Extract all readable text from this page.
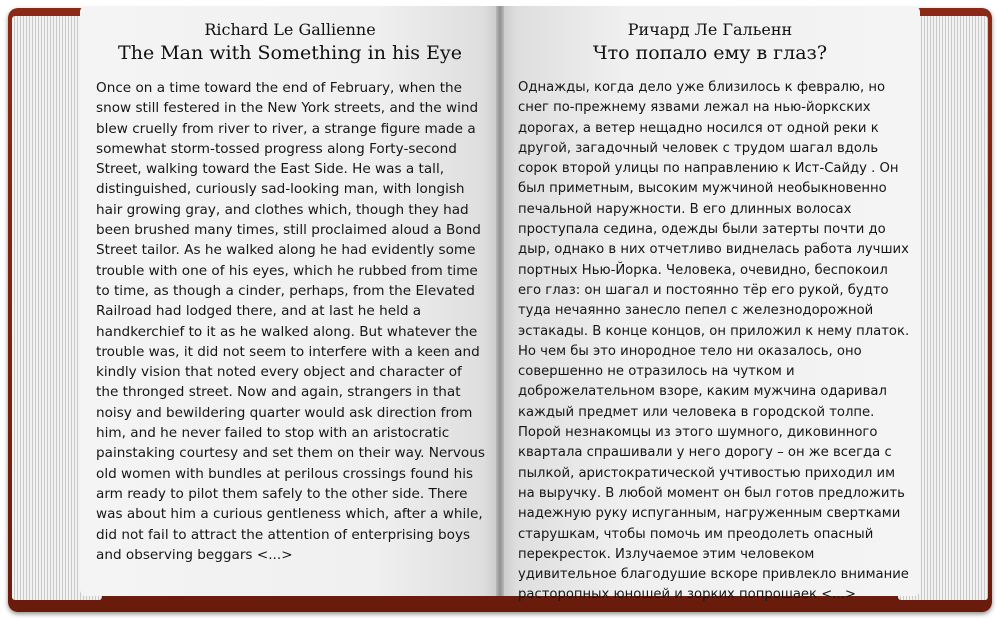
Richard Le Gallienne
The Man with Something in his Eye
Once on a time toward the end of February, when the snow still festered in the New York streets, and the wind blew cruelly from river to river, a strange figure made a somewhat storm-tossed progress along Forty-second Street, walking toward the East Side. He was a tall, distinguished, curiously sad-looking man, with longish hair growing gray, and clothes which, though they had been brushed many times, still proclaimed aloud a Bond Street tailor. As he walked along he had evidently some trouble with one of his eyes, which he rubbed from time to time, as though a cinder, perhaps, from the Elevated Railroad had lodged there, and at last he held a handkerchief to it as he walked along. But whatever the trouble was, it did not seem to interfere with a keen and kindly vision that noted every object and character of the thronged street. Now and again, strangers in that noisy and bewildering quarter would ask direction from him, and he never failed to stop with an aristocratic painstaking courtesy and set them on their way. Nervous old women with bundles at perilous crossings found his arm ready to pilot them safely to the other side. There was about him a curious gentleness which, after a while, did not fail to attract the attention of enterprising boys and observing beggars <...>
Ричард Ле Гальенн
Что попало ему в глаз?
Однажды, когда дело уже близилось к февралю, но снег по-прежнему язвами лежал на нью-йоркских дорогах, а ветер нещадно носился от одной реки к другой, загадочный человек с трудом шагал вдоль сорок второй улицы по направлению к Ист-Сайду . Он был приметным, высоким мужчиной необыкновенно печальной наружности. В его длинных волосах проступала седина, одежды были затерты почти до дыр, однако в них отчетливо виднелась работа лучших портных Нью-Йорка. Человека, очевидно, беспокоил его глаз: он шагал и постоянно тёр его рукой, будто туда нечаянно занесло пепел с железнодорожной эстакады. В конце концов, он приложил к нему платок. Но чем бы это инородное тело ни оказалось, оно совершенно не отразилось на чутком и доброжелательном взоре, каким мужчина одаривал каждый предмет или человека в городской толпе. Порой незнакомцы из этого шумного, диковинного квартала спрашивали у него дорогу – он же всегда с пылкой, аристократической учтивостью приходил им на выручку. В любой момент он был готов предложить надежную руку испуганным, нагруженным свертками старушкам, чтобы помочь им преодолеть опасный перекресток. Излучаемое этим человеком удивительное благодушие вскоре привлекло внимание расторопных юношей и зорких попрошаек <...>
